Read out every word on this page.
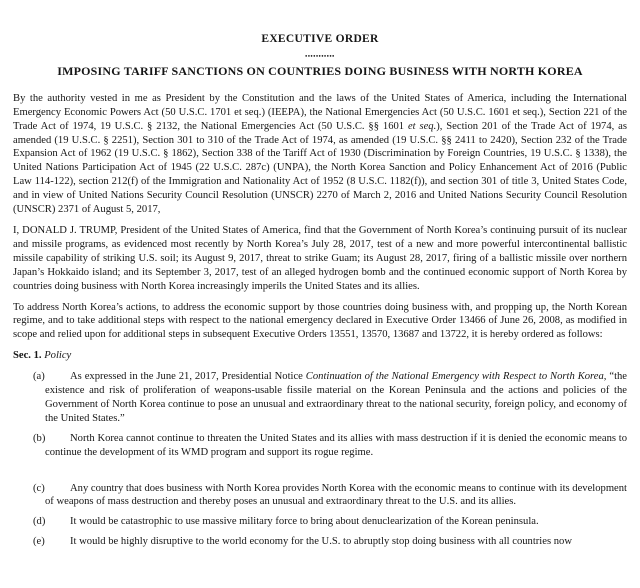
EXECUTIVE ORDER
•••••••••••
IMPOSING TARIFF SANCTIONS ON COUNTRIES DOING BUSINESS WITH NORTH KOREA

By the authority vested in me as President by the Constitution and the laws of the United States of America, including the International Emergency Economic Powers Act (50 U.S.C. 1701 et seq.) (IEEPA), the National Emergencies Act (50 U.S.C. 1601 et seq.), Section 221 of the Trade Act of 1974, 19 U.S.C. § 2132, the National Emergencies Act (50 U.S.C. §§ 1601 et seq.), Section 201 of the Trade Act of 1974, as amended (19 U.S.C. § 2251), Section 301 to 310 of the Trade Act of 1974, as amended (19 U.S.C. §§ 2411 to 2420), Section 232 of the Trade Expansion Act of 1962 (19 U.S.C. § 1862), Section 338 of the Tariff Act of 1930 (Discrimination by Foreign Countries, 19 U.S.C. § 1338), the United Nations Participation Act of 1945 (22 U.S.C. 287c) (UNPA), the North Korea Sanction and Policy Enhancement Act of 2016 (Public Law 114-122), section 212(f) of the Immigration and Nationality Act of 1952 (8 U.S.C. 1182(f)), and section 301 of title 3, United States Code, and in view of United Nations Security Council Resolution (UNSCR) 2270 of March 2, 2016 and United Nations Security Council Resolution (UNSCR) 2371 of August 5, 2017,

I, DONALD J. TRUMP, President of the United States of America, find that the Government of North Korea’s continuing pursuit of its nuclear and missile programs, as evidenced most recently by North Korea’s July 28, 2017, test of a new and more powerful intercontinental ballistic missile capability of striking U.S. soil; its August 9, 2017, threat to strike Guam; its August 28, 2017, firing of a ballistic missile over northern Japan’s Hokkaido island; and its September 3, 2017, test of an alleged hydrogen bomb and the continued economic support of North Korea by countries doing business with North Korea increasingly imperils the United States and its allies.

To address North Korea’s actions, to address the economic support by those countries doing business with, and propping up, the North Korean regime, and to take additional steps with respect to the national emergency declared in Executive Order 13466 of June 26, 2008, as modified in scope and relied upon for additional steps in subsequent Executive Orders 13551, 13570, 13687 and 13722, it is hereby ordered as follows:

Sec. 1. Policy

(a) As expressed in the June 21, 2017, Presidential Notice Continuation of the National Emergency with Respect to North Korea, “the existence and risk of proliferation of weapons-usable fissile material on the Korean Peninsula and the actions and policies of the Government of North Korea continue to pose an unusual and extraordinary threat to the national security, foreign policy, and economy of the United States.”
(b) North Korea cannot continue to threaten the United States and its allies with mass destruction if it is denied the economic means to continue the development of its WMD program and support its rogue regime.
(c) Any country that does business with North Korea provides North Korea with the economic means to continue with its development of weapons of mass destruction and thereby poses an unusual and extraordinary threat to the U.S. and its allies.
(d) It would be catastrophic to use massive military force to bring about denuclearization of the Korean peninsula.
(e) It would be highly disruptive to the world economy for the U.S. to abruptly stop doing business with all countries now
